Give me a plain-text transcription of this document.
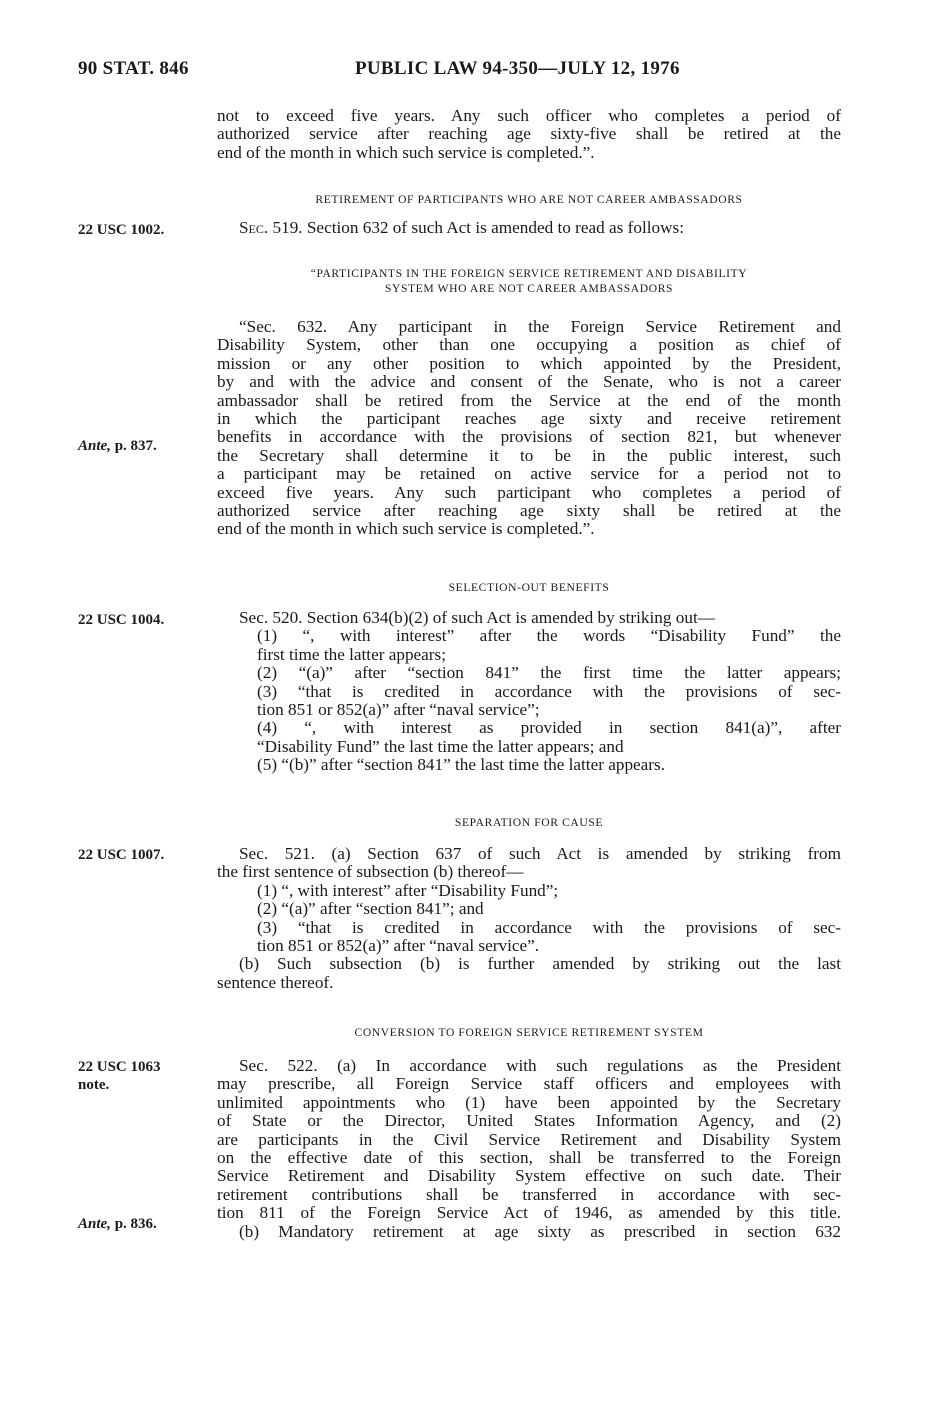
90 STAT. 846	PUBLIC LAW 94-350—JULY 12, 1976
22 USC 1002.
Ante, p. 837.
22 USC 1004.
22 USC 1007.
22 USC 1063
note.
Ante, p. 836.
not to exceed five years. Any such officer who completes a period of
authorized service after reaching age sixty-five shall be retired at the
end of the month in which such service is completed.”.
RETIREMENT OF PARTICIPANTS WHO ARE NOT CAREER AMBASSADORS
Sec. 519. Section 632 of such Act is amended to read as follows:
“PARTICIPANTS IN THE FOREIGN SERVICE RETIREMENT AND DISABILITY
SYSTEM WHO ARE NOT CAREER AMBASSADORS
“Sec. 632. Any participant in the Foreign Service Retirement and
Disability System, other than one occupying a position as chief of
mission or any other position to which appointed by the President,
by and with the advice and consent of the Senate, who is not a career
ambassador shall be retired from the Service at the end of the month
in which the participant reaches age sixty and receive retirement
benefits in accordance with the provisions of section 821, but whenever
the Secretary shall determine it to be in the public interest, such
a participant may be retained on active service for a period not to
exceed five years. Any such participant who completes a period of
authorized service after reaching age sixty shall be retired at the
end of the month in which such service is completed.”.
SELECTION-OUT BENEFITS
Sec. 520. Section 634(b)(2) of such Act is amended by striking out—
(1) “, with interest” after the words “Disability Fund” the
first time the latter appears;
(2) “(a)” after “section 841” the first time the latter appears;
(3) “that is credited in accordance with the provisions of sec-
tion 851 or 852(a)” after “naval service”;
(4) “, with interest as provided in section 841(a)”, after
“Disability Fund” the last time the latter appears; and
(5) “(b)” after “section 841” the last time the latter appears.
SEPARATION FOR CAUSE
Sec. 521. (a) Section 637 of such Act is amended by striking from
the first sentence of subsection (b) thereof—
(1) “, with interest” after “Disability Fund”;
(2) “(a)” after “section 841”; and
(3) “that is credited in accordance with the provisions of sec-
tion 851 or 852(a)” after “naval service”.
(b) Such subsection (b) is further amended by striking out the last
sentence thereof.
CONVERSION TO FOREIGN SERVICE RETIREMENT SYSTEM
Sec. 522. (a) In accordance with such regulations as the President
may prescribe, all Foreign Service staff officers and employees with
unlimited appointments who (1) have been appointed by the Secretary
of State or the Director, United States Information Agency, and (2)
are participants in the Civil Service Retirement and Disability System
on the effective date of this section, shall be transferred to the Foreign
Service Retirement and Disability System effective on such date. Their
retirement contributions shall be transferred in accordance with sec-
tion 811 of the Foreign Service Act of 1946, as amended by this title.
(b) Mandatory retirement at age sixty as prescribed in section 632
